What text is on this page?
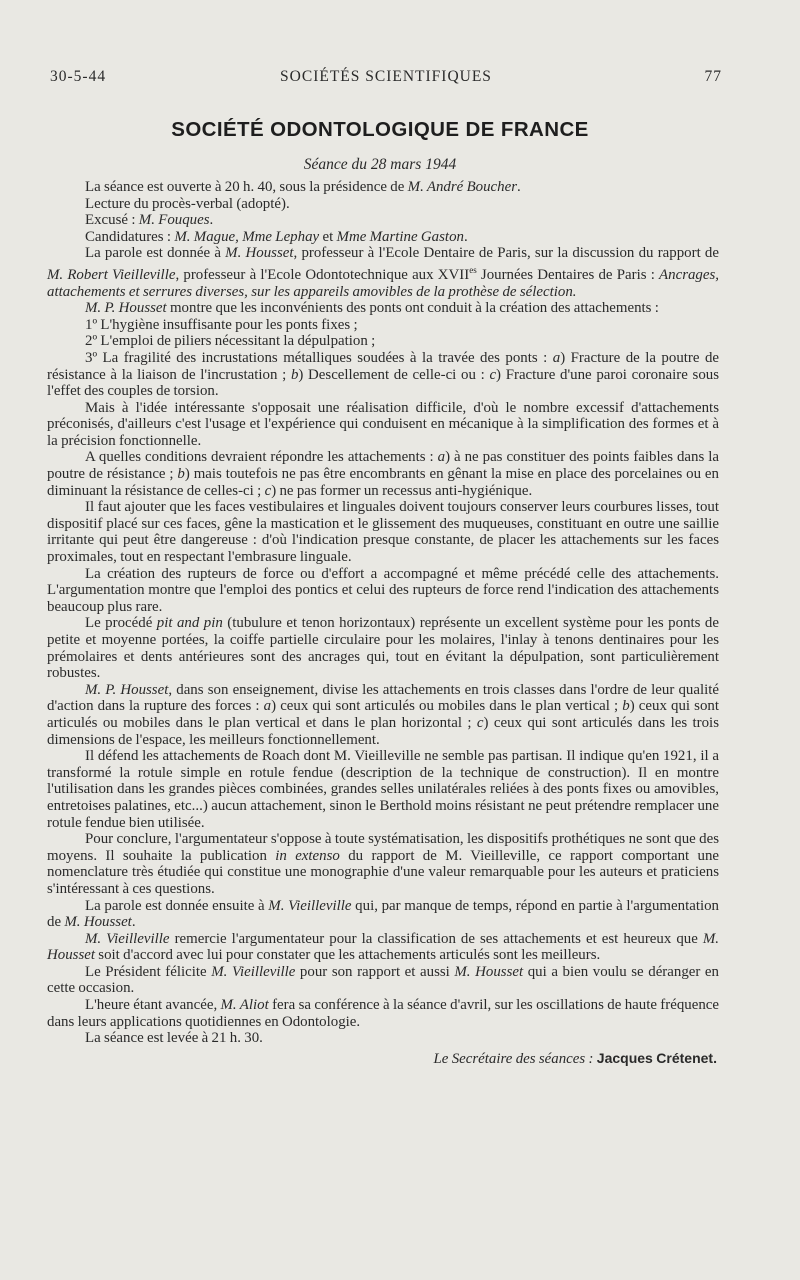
30-5-44	SOCIÉTÉS SCIENTIFIQUES	77
SOCIÉTÉ ODONTOLOGIQUE DE FRANCE
Séance du 28 mars 1944

La séance est ouverte à 20 h. 40, sous la présidence de M. André Boucher.

Lecture du procès-verbal (adopté).

Excusé : M. Fouques.

Candidatures : M. Mague, Mme Lephay et Mme Martine Gaston.

La parole est donnée à M. Housset, professeur à l'Ecole Dentaire de Paris, sur la discussion du rapport de M. Robert Vieilleville, professeur à l'Ecole Odontotechnique aux $XVII^{es}$ Journées Dentaires de Paris : Ancrages, attachements et serrures diverses, sur les appareils amovibles de la prothèse de sélection.

M. P. Housset montre que les inconvénients des ponts ont conduit à la création des attachements :

1º L'hygiène insuffisante pour les ponts fixes ;

2º L'emploi de piliers nécessitant la dépulpation ;

3º La fragilité des incrustations métalliques soudées à la travée des ponts : a) Fracture de la poutre de résistance à la liaison de l'incrustation ; b) Descellement de celle-ci ou : c) Fracture d'une paroi coronaire sous l'effet des couples de torsion.

Mais à l'idée intéressante s'opposait une réalisation difficile, d'où le nombre excessif d'attachements préconisés, d'ailleurs c'est l'usage et l'expérience qui conduisent en mécanique à la simplification des formes et à la précision fonctionnelle.

A quelles conditions devraient répondre les attachements : a) à ne pas constituer des points faibles dans la poutre de résistance ; b) mais toutefois ne pas être encombrants en gênant la mise en place des porcelaines ou en diminuant la résistance de celles-ci ; c) ne pas former un recessus anti-hygiénique.

Il faut ajouter que les faces vestibulaires et linguales doivent toujours conserver leurs courbures lisses, tout dispositif placé sur ces faces, gêne la mastication et le glissement des muqueuses, constituant en outre une saillie irritante qui peut être dangereuse : d'où l'indication presque constante, de placer les attachements sur les faces proximales, tout en respectant l'embrasure linguale.

La création des rupteurs de force ou d'effort a accompagné et même précédé celle des attachements. L'argumentation montre que l'emploi des pontics et celui des rupteurs de force rend l'indication des attachements beaucoup plus rare.

Le procédé pit and pin (tubulure et tenon horizontaux) représente un excellent système pour les ponts de petite et moyenne portées, la coiffe partielle circulaire pour les molaires, l'inlay à tenons dentinaires pour les prémolaires et dents antérieures sont des ancrages qui, tout en évitant la dépulpation, sont particulièrement robustes.

M. P. Housset, dans son enseignement, divise les attachements en trois classes dans l'ordre de leur qualité d'action dans la rupture des forces : a) ceux qui sont articulés ou mobiles dans le plan vertical ; b) ceux qui sont articulés ou mobiles dans le plan vertical et dans le plan horizontal ; c) ceux qui sont articulés dans les trois dimensions de l'espace, les meilleurs fonctionnellement.

Il défend les attachements de Roach dont M. Vieilleville ne semble pas partisan. Il indique qu'en 1921, il a transformé la rotule simple en rotule fendue (description de la technique de construction). Il en montre l'utilisation dans les grandes pièces combinées, grandes selles unilatérales reliées à des ponts fixes ou amovibles, entretoises palatines, etc...) aucun attachement, sinon le Berthold moins résistant ne peut prétendre remplacer une rotule fendue bien utilisée.

Pour conclure, l'argumentateur s'oppose à toute systématisation, les dispositifs prothétiques ne sont que des moyens. Il souhaite la publication in extenso du rapport de M. Vieilleville, ce rapport comportant une nomenclature très étudiée qui constitue une monographie d'une valeur remarquable pour les auteurs et praticiens s'intéressant à ces questions.

La parole est donnée ensuite à M. Vieilleville qui, par manque de temps, répond en partie à l'argumentation de M. Housset.

M. Vieilleville remercie l'argumentateur pour la classification de ses attachements et est heureux que M. Housset soit d'accord avec lui pour constater que les attachements articulés sont les meilleurs.

Le Président félicite M. Vieilleville pour son rapport et aussi M. Housset qui a bien voulu se déranger en cette occasion.

L'heure étant avancée, M. Aliot fera sa conférence à la séance d'avril, sur les oscillations de haute fréquence dans leurs applications quotidiennes en Odontologie.

La séance est levée à 21 h. 30.

Le Secrétaire des séances : Jacques Crétenet.
